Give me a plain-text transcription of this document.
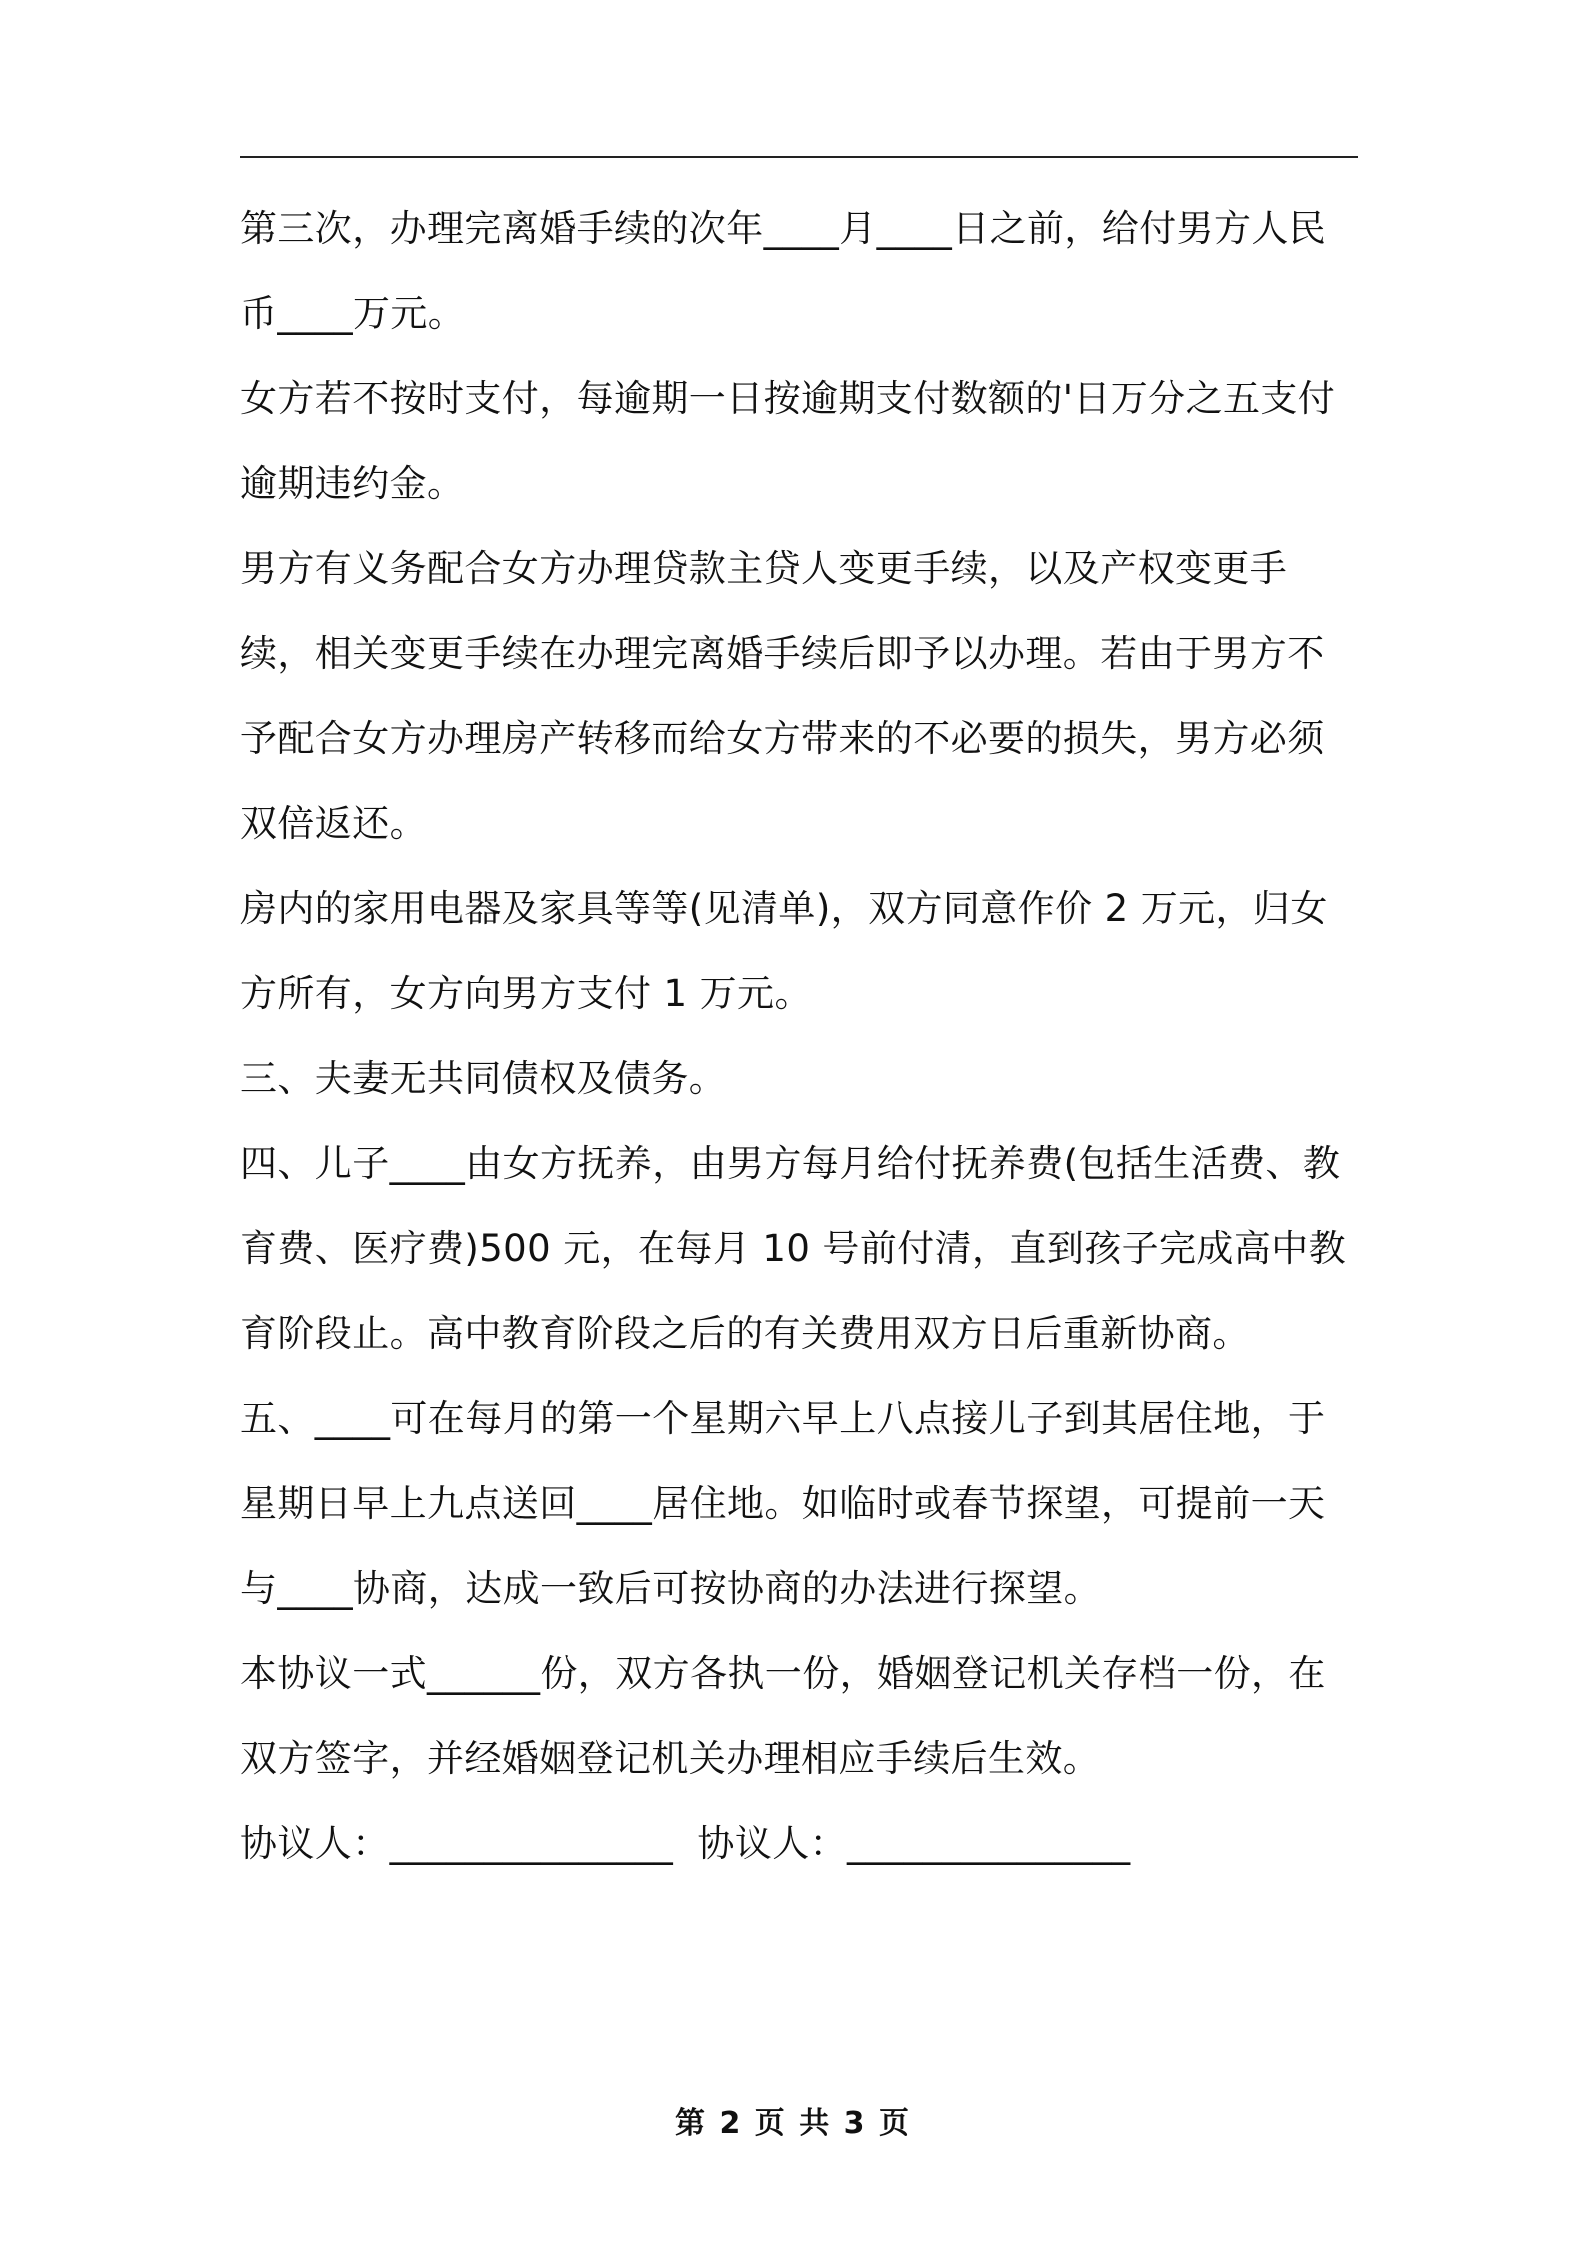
第三次，办理完离婚手续的次年____月____日之前，给付男方人民币____万元。

女方若不按时支付，每逾期一日按逾期支付数额的'日万分之五支付逾期违约金。

男方有义务配合女方办理贷款主贷人变更手续，以及产权变更手续，相关变更手续在办理完离婚手续后即予以办理。若由于男方不予配合女方办理房产转移而给女方带来的不必要的损失，男方必须双倍返还。

房内的家用电器及家具等等(见清单)，双方同意作价 2 万元，归女方所有，女方向男方支付 1 万元。

三、夫妻无共同债权及债务。

四、儿子____由女方抚养，由男方每月给付抚养费(包括生活费、教育费、医疗费)500 元，在每月 10 号前付清，直到孩子完成高中教育阶段止。高中教育阶段之后的有关费用双方日后重新协商。

五、____可在每月的第一个星期六早上八点接儿子到其居住地，于星期日早上九点送回____居住地。如临时或春节探望，可提前一天与____协商，达成一致后可按协商的办法进行探望。

本协议一式______份，双方各执一份，婚姻登记机关存档一份，在双方签字，并经婚姻登记机关办理相应手续后生效。

协议人：_______________  协议人：_______________

第 2 页 共 3 页
